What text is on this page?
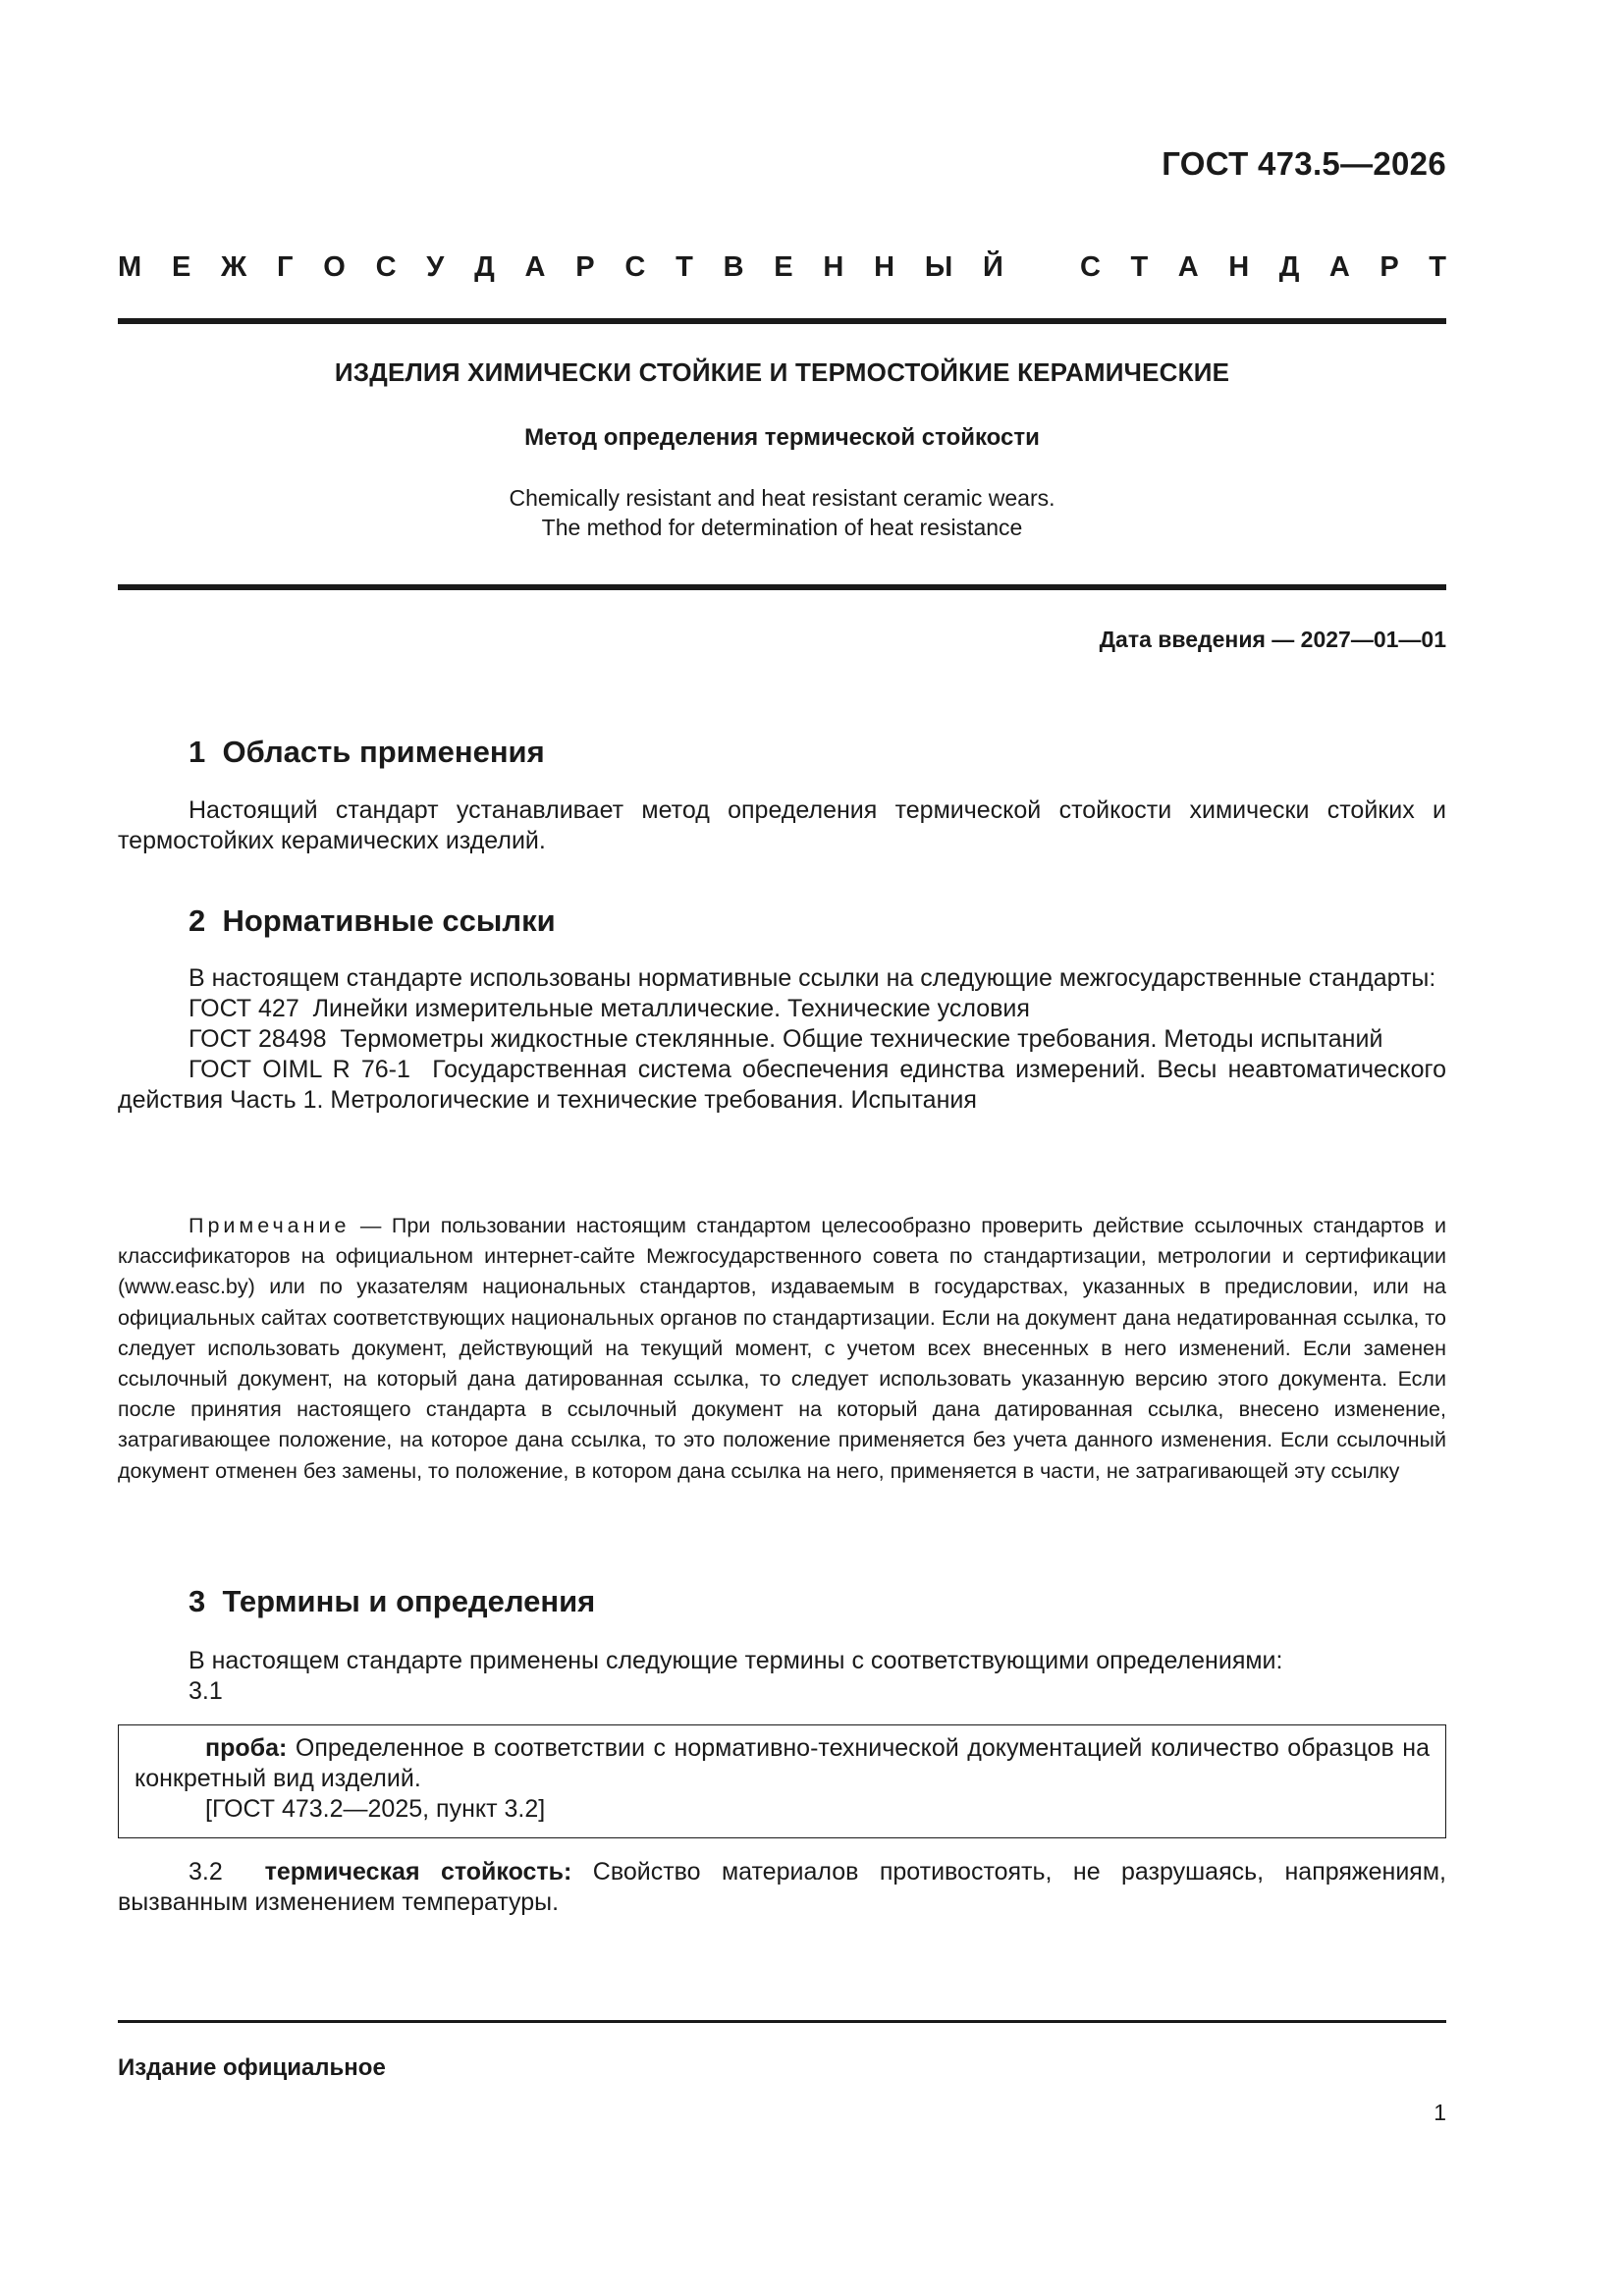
ГОСТ 473.5—2026
М Е Ж Г О С У Д А Р С Т В Е Н Н Ы Й	С Т А Н Д А Р Т
ИЗДЕЛИЯ ХИМИЧЕСКИ СТОЙКИЕ И ТЕРМОСТОЙКИЕ КЕРАМИЧЕСКИЕ
Метод определения термической стойкости
Chemically resistant and heat resistant ceramic wears.
The method for determination of heat resistance
Дата введения — 2027—01—01
1  Область применения

Настоящий стандарт устанавливает метод определения термической стойкости химически стойких и термостойких керамических изделий.

2  Нормативные ссылки

В настоящем стандарте использованы нормативные ссылки на следующие межгосударственные стандарты:

ГОСТ 427  Линейки измерительные металлические. Технические условия

ГОСТ 28498  Термометры жидкостные стеклянные. Общие технические требования. Методы испытаний

ГОСТ OIML R 76-1  Государственная система обеспечения единства измерений. Весы неавтоматического действия Часть 1. Метрологические и технические требования. Испытания

Примечание — При пользовании настоящим стандартом целесообразно проверить действие ссылочных стандартов и классификаторов на официальном интернет-сайте Межгосударственного совета по стандартизации, метрологии и сертификации (www.easc.by) или по указателям национальных стандартов, издаваемым в государствах, указанных в предисловии, или на официальных сайтах соответствующих национальных органов по стандартизации. Если на документ дана недатированная ссылка, то следует использовать документ, действующий на текущий момент, с учетом всех внесенных в него изменений. Если заменен ссылочный документ, на который дана датированная ссылка, то следует использовать указанную версию этого документа. Если после принятия настоящего стандарта в ссылочный документ на который дана датированная ссылка, внесено изменение, затрагивающее положение, на которое дана ссылка, то это положение применяется без учета данного изменения. Если ссылочный документ отменен без замены, то положение, в котором дана ссылка на него, применяется в части, не затрагивающей эту ссылку

3  Термины и определения

В настоящем стандарте применены следующие термины с соответствующими определениями:

3.1

проба: Определенное в соответствии с нормативно-технической документацией количество образцов на конкретный вид изделий.

[ГОСТ 473.2—2025, пункт 3.2]

3.2 термическая стойкость: Свойство материалов противостоять, не разрушаясь, напряжениям, вызванным изменением температуры.

Издание официальное
1
